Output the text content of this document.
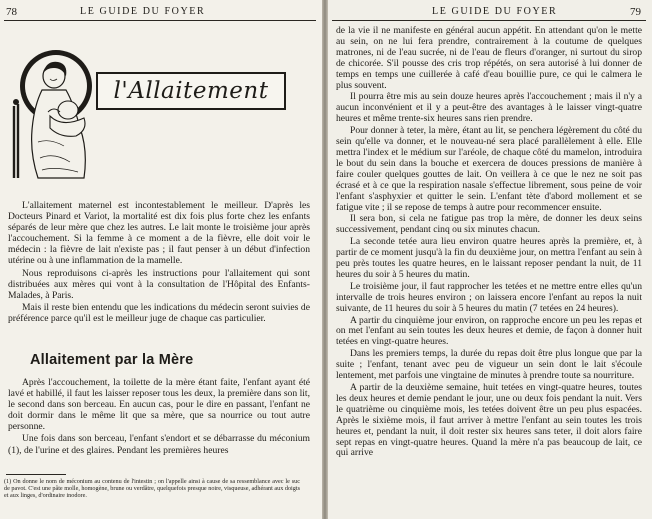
78	LE GUIDE DU FOYER
l'Allaitement

L'allaitement maternel est incontestablement le meilleur. D'après les Docteurs Pinard et Variot, la mortalité est dix fois plus forte chez les enfants séparés de leur mère que chez les autres. Le lait monte le troisième jour après l'accouchement. Si la femme à ce moment a de la fièvre, elle doit voir le médecin : la fièvre de lait n'existe pas ; il faut penser à un début d'infection utérine ou à une inflammation de la mamelle.

Nous reproduisons ci-après les instructions pour l'allaitement qui sont distribuées aux mères qui vont à la consultation de l'Hôpital des Enfants-Malades, à Paris.

Mais il reste bien entendu que les indications du médecin seront suivies de préférence parce qu'il est le meilleur juge de chaque cas particulier.

Allaitement par la Mère

Après l'accouchement, la toilette de la mère étant faite, l'enfant ayant été lavé et habillé, il faut les laisser reposer tous les deux, la première dans son lit, le second dans son berceau. En aucun cas, pour le dire en passant, l'enfant ne doit dormir dans le même lit que sa mère, que sa nourrice ou tout autre personne.

Une fois dans son berceau, l'enfant s'endort et se débarrasse du méconium (1), de l'urine et des glaires. Pendant les premières heures

(1) On donne le nom de méconium au contenu de l'intestin ; on l'appelle ainsi à cause de sa ressemblance avec le suc de pavot. C'est une pâte molle, homogène, brune ou verdâtre, quelquefois presque noire, visqueuse, adhérant aux doigts et aux linges, d'ordinaire inodore.
LE GUIDE DU FOYER	79

de la vie il ne manifeste en général aucun appétit. En attendant qu'on le mette au sein, on ne lui fera prendre, contrairement à la coutume de quelques matrones, ni de l'eau sucrée, ni de l'eau de fleurs d'oranger, ni surtout du sirop de chicorée. S'il pousse des cris trop répétés, on sera autorisé à lui donner de temps en temps une cuillerée à café d'eau bouillie pure, ce qui le calmera le plus souvent.

Il pourra être mis au sein douze heures après l'accouchement ; mais il n'y a aucun inconvénient et il y a peut-être des avantages à le laisser vingt-quatre heures et même trente-six heures sans rien prendre.

Pour donner à teter, la mère, étant au lit, se penchera légèrement du côté du sein qu'elle va donner, et le nouveau-né sera placé parallèlement à elle. Elle mettra l'index et le médium sur l'aréole, de chaque côté du mamelon, introduira le bout du sein dans la bouche et exercera de douces pressions de manière à faire couler quelques gouttes de lait. On veillera à ce que le nez ne soit pas écrasé et à ce que la respiration nasale s'effectue librement, sous peine de voir l'enfant s'asphyxier et quitter le sein. L'enfant tète d'abord mollement et se fatigue vite ; il se repose de temps à autre pour recommencer ensuite.

Il sera bon, si cela ne fatigue pas trop la mère, de donner les deux seins successivement, pendant cinq ou six minutes chacun.

La seconde tetée aura lieu environ quatre heures après la première, et, à partir de ce moment jusqu'à la fin du deuxième jour, on mettra l'enfant au sein à peu près toutes les quatre heures, en le laissant reposer pendant la nuit, de 11 heures du soir à 5 heures du matin.

Le troisième jour, il faut rapprocher les tetées et ne mettre entre elles qu'un intervalle de trois heures environ ; on laissera encore l'enfant au repos la nuit suivante, de 11 heures du soir à 5 heures du matin (7 tetées en 24 heures).

A partir du cinquième jour environ, on rapproche encore un peu les repas et on met l'enfant au sein toutes les deux heures et demie, de façon à donner huit tetées en vingt-quatre heures.

Dans les premiers temps, la durée du repas doit être plus longue que par la suite ; l'enfant, tenant avec peu de vigueur un sein dont le lait s'écoule lentement, met parfois une vingtaine de minutes à prendre toute sa nourriture.

A partir de la deuxième semaine, huit tetées en vingt-quatre heures, toutes les deux heures et demie pendant le jour, une ou deux fois pendant la nuit. Vers le quatrième ou cinquième mois, les tetées doivent être un peu plus espacées. Après le sixième mois, il faut arriver à mettre l'enfant au sein toutes les trois heures et, pendant la nuit, il doit rester six heures sans teter, il doit alors faire sept repas en vingt-quatre heures. Quand la mère n'a pas beaucoup de lait, ce qui arrive
